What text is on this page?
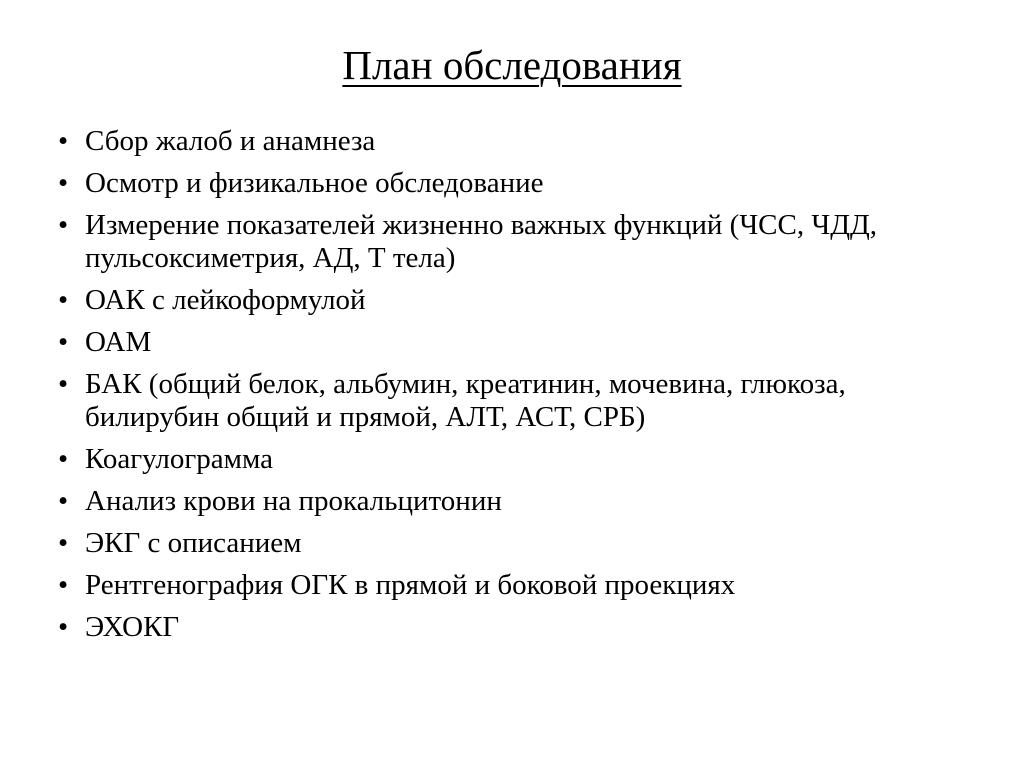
План обследования
• Сбор жалоб и анамнеза
• Осмотр и физикальное обследование
• Измерение показателей жизненно важных функций (ЧСС, ЧДД, пульсоксиметрия, АД, Т тела)
• ОАК с лейкоформулой
• ОАМ
• БАК (общий белок, альбумин, креатинин, мочевина, глюкоза, билирубин общий и прямой, АЛТ, АСТ, СРБ)
• Коагулограмма
• Анализ крови на прокальцитонин
• ЭКГ с описанием
• Рентгенография ОГК в прямой и боковой проекциях
• ЭХОКГ
